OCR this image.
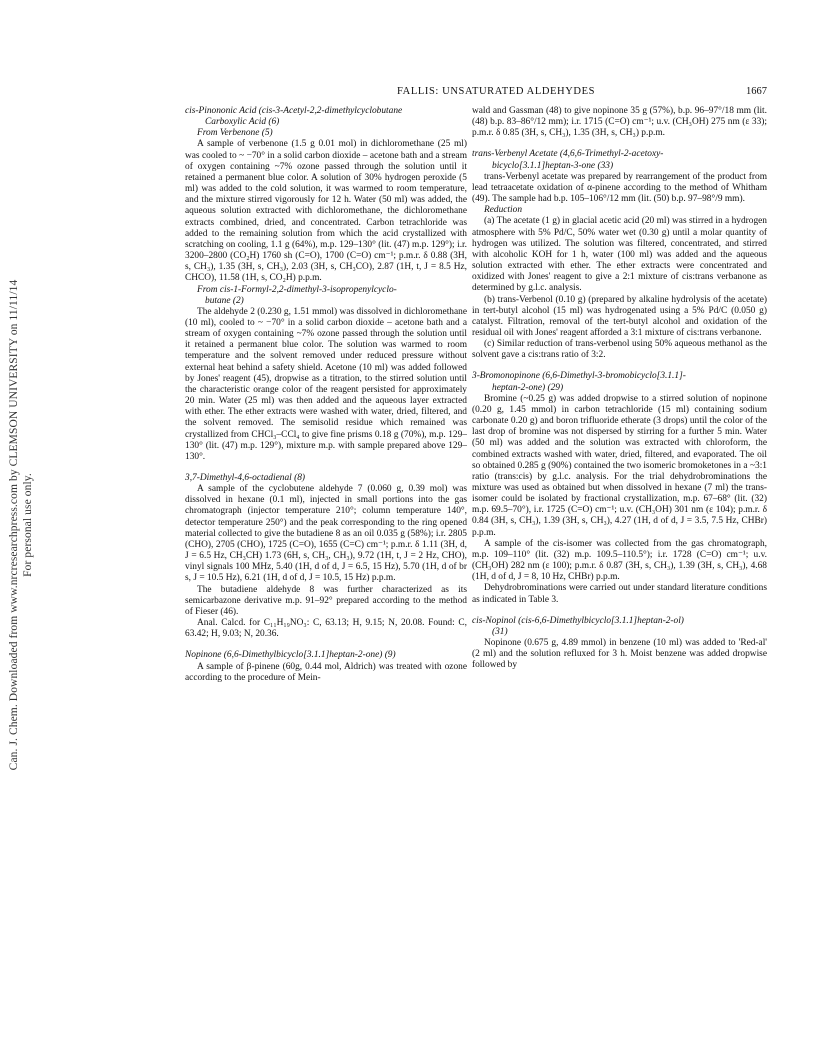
Can. J. Chem. Downloaded from www.nrcresearchpress.com by CLEMSON UNIVERSITY on 11/11/14 For personal use only.
FALLIS: UNSATURATED ALDEHYDES	1667

cis-Pinononic Acid (cis-3-Acetyl-2,2-dimethylcyclobutane

Carboxylic Acid (6)

From Verbenone (5)

A sample of verbenone (1.5 g 0.01 mol) in dichloromethane (25 ml) was cooled to ~ −70° in a solid carbon dioxide – acetone bath and a stream of oxygen containing ~7% ozone passed through the solution until it retained a permanent blue color. A solution of 30% hydrogen peroxide (5 ml) was added to the cold solution, it was warmed to room temperature, and the mixture stirred vigorously for 12 h. Water (50 ml) was added, the aqueous solution extracted with dichloromethane, the dichloromethane extracts combined, dried, and concentrated. Carbon tetrachloride was added to the remaining solution from which the acid crystallized with scratching on cooling, 1.1 g (64%), m.p. 129–130° (lit. (47) m.p. 129°); i.r. 3200–2800 (CO₂H) 1760 sh (C=O), 1700 (C=O) cm⁻¹; p.m.r. δ 0.88 (3H, s, CH₃), 1.35 (3H, s, CH₃), 2.03 (3H, s, CH₃CO), 2.87 (1H, t, J = 8.5 Hz, CHCO), 11.58 (1H, s, CO₂H) p.p.m.

From cis-1-Formyl-2,2-dimethyl-3-isopropenylcyclo-

butane (2)

The aldehyde 2 (0.230 g, 1.51 mmol) was dissolved in dichloromethane (10 ml), cooled to ~ −70° in a solid carbon dioxide – acetone bath and a stream of oxygen containing ~7% ozone passed through the solution until it retained a permanent blue color. The solution was warmed to room temperature and the solvent removed under reduced pressure without external heat behind a safety shield. Acetone (10 ml) was added followed by Jones' reagent (45), dropwise as a titration, to the stirred solution until the characteristic orange color of the reagent persisted for approximately 20 min. Water (25 ml) was then added and the aqueous layer extracted with ether. The ether extracts were washed with water, dried, filtered, and the solvent removed. The semisolid residue which remained was crystallized from CHCl₃–CCl₄ to give fine prisms 0.18 g (70%), m.p. 129–130° (lit. (47) m.p. 129°), mixture m.p. with sample prepared above 129–130°.

3,7-Dimethyl-4,6-octadienal (8)

A sample of the cyclobutene aldehyde 7 (0.060 g, 0.39 mol) was dissolved in hexane (0.1 ml), injected in small portions into the gas chromatograph (injector temperature 210°; column temperature 140°, detector temperature 250°) and the peak corresponding to the ring opened material collected to give the butadiene 8 as an oil 0.035 g (58%); i.r. 2805 (CHO), 2705 (CHO), 1725 (C=O), 1655 (C=C) cm⁻¹; p.m.r. δ 1.11 (3H, d, J = 6.5 Hz, CH₃CH) 1.73 (6H, s, CH₃, CH₃), 9.72 (1H, t, J = 2 Hz, CHO), vinyl signals 100 MHz, 5.40 (1H, d of d, J = 6.5, 15 Hz), 5.70 (1H, d of br s, J = 10.5 Hz), 6.21 (1H, d of d, J = 10.5, 15 Hz) p.p.m.

The butadiene aldehyde 8 was further characterized as its semicarbazone derivative m.p. 91–92° prepared according to the method of Fieser (46).

Anal. Calcd. for C₁₁H₁₉NO₃: C, 63.13; H, 9.15; N, 20.08. Found: C, 63.42; H, 9.03; N, 20.36.

Nopinone (6,6-Dimethylbicyclo[3.1.1]heptan-2-one) (9)

A sample of β-pinene (60g, 0.44 mol, Aldrich) was treated with ozone according to the procedure of Mein-

wald and Gassman (48) to give nopinone 35 g (57%), b.p. 96–97°/18 mm (lit. (48) b.p. 83–86°/12 mm); i.r. 1715 (C=O) cm⁻¹; u.v. (CH₃OH) 275 nm (ε 33); p.m.r. δ 0.85 (3H, s, CH₃), 1.35 (3H, s, CH₃) p.p.m.

trans-Verbenyl Acetate (4,6,6-Trimethyl-2-acetoxy-

bicyclo[3.1.1]heptan-3-one (33)

trans-Verbenyl acetate was prepared by rearrangement of the product from lead tetraacetate oxidation of α-pinene according to the method of Whitham (49). The sample had b.p. 105–106°/12 mm (lit. (50) b.p. 97–98°/9 mm).

Reduction

(a) The acetate (1 g) in glacial acetic acid (20 ml) was stirred in a hydrogen atmosphere with 5% Pd/C, 50% water wet (0.30 g) until a molar quantity of hydrogen was utilized. The solution was filtered, concentrated, and stirred with alcoholic KOH for 1 h, water (100 ml) was added and the aqueous solution extracted with ether. The ether extracts were concentrated and oxidized with Jones' reagent to give a 2:1 mixture of cis:trans verbanone as determined by g.l.c. analysis.

(b) trans-Verbenol (0.10 g) (prepared by alkaline hydrolysis of the acetate) in tert-butyl alcohol (15 ml) was hydrogenated using a 5% Pd/C (0.050 g) catalyst. Filtration, removal of the tert-butyl alcohol and oxidation of the residual oil with Jones' reagent afforded a 3:1 mixture of cis:trans verbanone.

(c) Similar reduction of trans-verbenol using 50% aqueous methanol as the solvent gave a cis:trans ratio of 3:2.

3-Bromonopinone (6,6-Dimethyl-3-bromobicyclo[3.1.1]-

heptan-2-one) (29)

Bromine (~0.25 g) was added dropwise to a stirred solution of nopinone (0.20 g, 1.45 mmol) in carbon tetrachloride (15 ml) containing sodium carbonate 0.20 g) and boron trifluoride etherate (3 drops) until the color of the last drop of bromine was not dispersed by stirring for a further 5 min. Water (50 ml) was added and the solution was extracted with chloroform, the combined extracts washed with water, dried, filtered, and evaporated. The oil so obtained 0.285 g (90%) contained the two isomeric bromoketones in a ~3:1 ratio (trans:cis) by g.l.c. analysis. For the trial dehydrobrominations the mixture was used as obtained but when dissolved in hexane (7 ml) the trans-isomer could be isolated by fractional crystallization, m.p. 67–68° (lit. (32) m.p. 69.5–70°), i.r. 1725 (C=O) cm⁻¹; u.v. (CH₃OH) 301 nm (ε 104); p.m.r. δ 0.84 (3H, s, CH₃), 1.39 (3H, s, CH₃), 4.27 (1H, d of d, J = 3.5, 7.5 Hz, CHBr) p.p.m.

A sample of the cis-isomer was collected from the gas chromatograph, m.p. 109–110° (lit. (32) m.p. 109.5–110.5°); i.r. 1728 (C=O) cm⁻¹; u.v. (CH₃OH) 282 nm (ε 100); p.m.r. δ 0.87 (3H, s, CH₃), 1.39 (3H, s, CH₃), 4.68 (1H, d of d, J = 8, 10 Hz, CHBr) p.p.m.

Dehydrobrominations were carried out under standard literature conditions as indicated in Table 3.

cis-Nopinol (cis-6,6-Dimethylbicyclo[3.1.1]heptan-2-ol)

(31)

Nopinone (0.675 g, 4.89 mmol) in benzene (10 ml) was added to 'Red-al' (2 ml) and the solution refluxed for 3 h. Moist benzene was added dropwise followed by
